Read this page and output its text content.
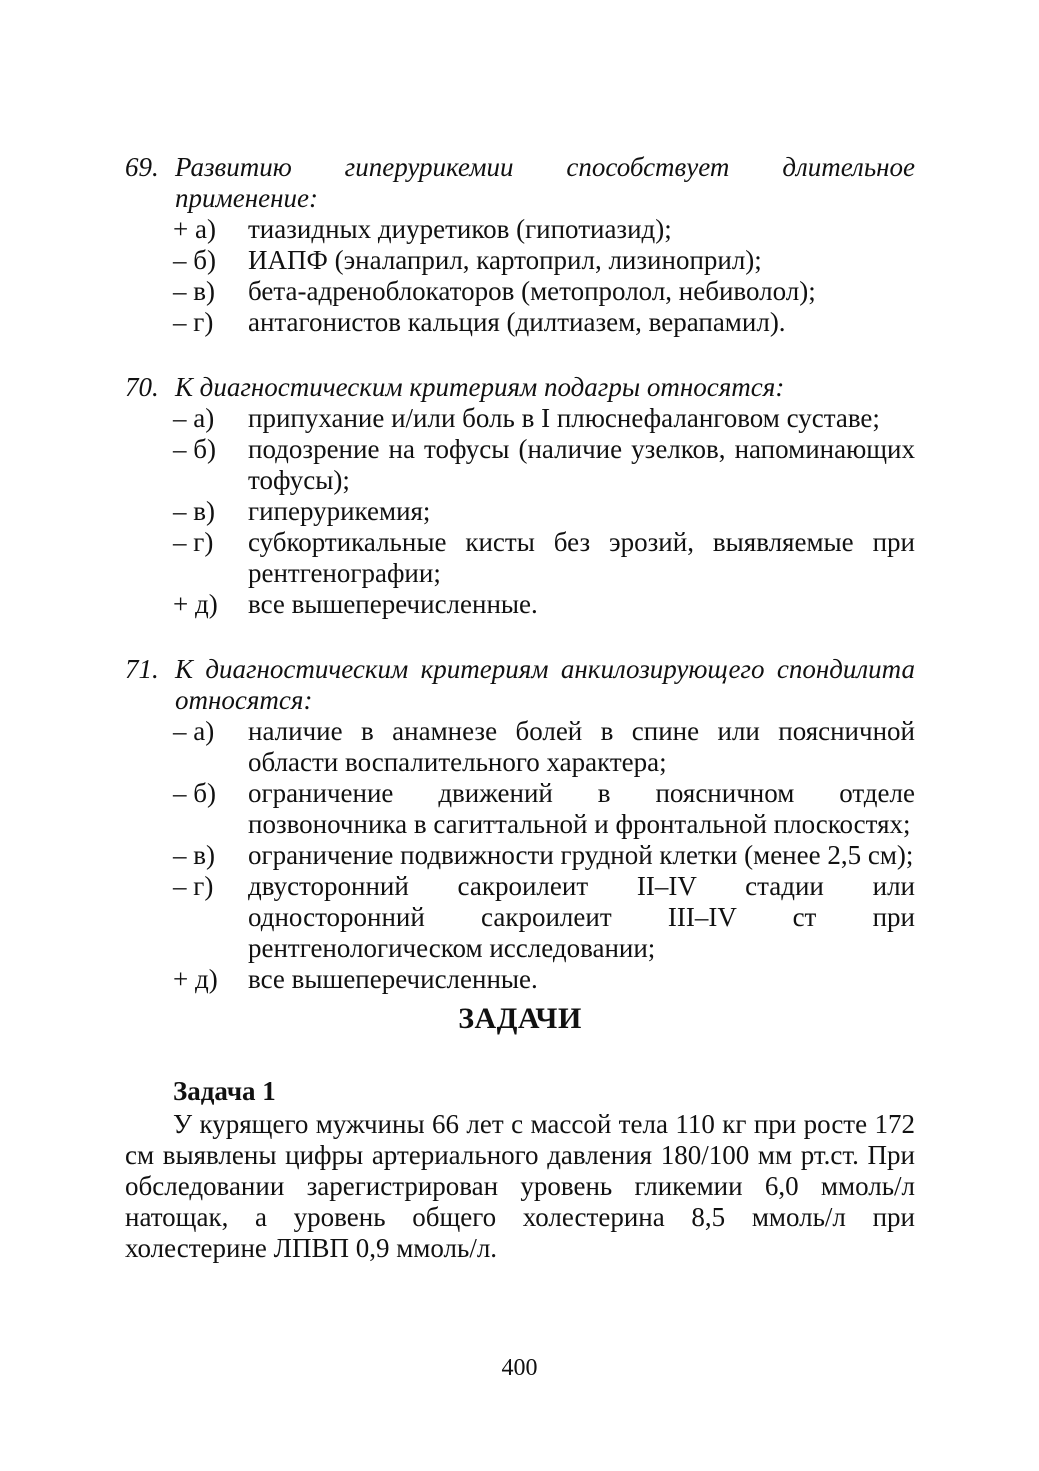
69. Развитию гиперурикемии способствует длительное применение:
+ а)	тиазидных диуретиков (гипотиазид);
– б)	ИАПФ (эналаприл, картоприл, лизиноприл);
– в)	бета-адреноблокаторов (метопролол, небиволол);
– г)	антагонистов кальция (дилтиазем, верапамил).
70. К диагностическим критериям подагры относятся:
– а)	припухание и/или боль в I плюснефаланговом суставе;
– б)	подозрение на тофусы (наличие узелков, напоминающих тофусы);
– в)	гиперурикемия;
– г)	субкортикальные кисты без эрозий, выявляемые при рентгенографии;
+ д)	все вышеперечисленные.
71. К диагностическим критериям анкилозирующего спондилита относятся:
– а)	наличие в анамнезе болей в спине или поясничной области воспалительного характера;
– б)	ограничение движений в поясничном отделе позвоночника в сагиттальной и фронтальной плоскостях;
– в)	ограничение подвижности грудной клетки (менее 2,5 см);
– г)	двусторонний сакроилеит II–IV стадии или односторонний сакроилеит III–IV ст при рентгенологическом исследовании;
+ д)	все вышеперечисленные.
ЗАДАЧИ
Задача 1

У курящего мужчины 66 лет с массой тела 110 кг при росте 172 см выявлены цифры артериального давления 180/100 мм рт.ст. При обследовании зарегистрирован уровень гликемии 6,0 ммоль/л натощак, а уровень общего холестерина 8,5 ммоль/л при холестерине ЛПВП 0,9 ммоль/л.

400
